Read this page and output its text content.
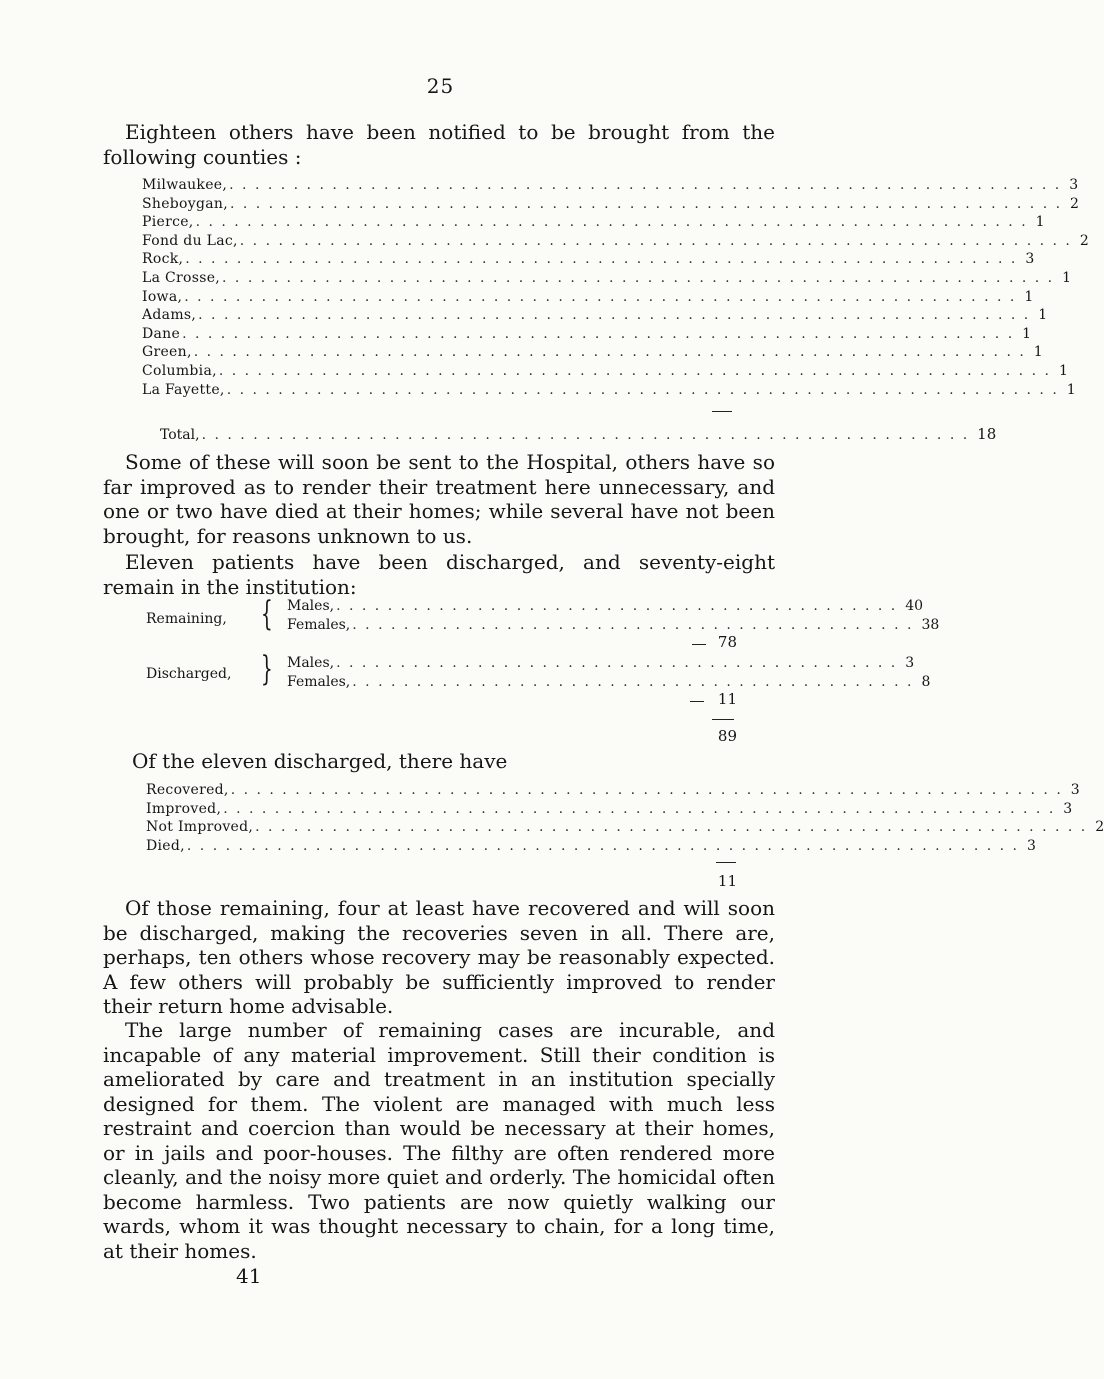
25

Eighteen others have been notified to be brought from the following counties :

Milwaukee, . . . . . . . . . . . . . . . . . . . . . . . . . . . . . . . . . . . . . . . . . . . . . . . . . . . . . . . . . . . . . . . . . 3
Sheboygan, . . . . . . . . . . . . . . . . . . . . . . . . . . . . . . . . . . . . . . . . . . . . . . . . . . . . . . . . . . . . . . . . . 2
Pierce, . . . . . . . . . . . . . . . . . . . . . . . . . . . . . . . . . . . . . . . . . . . . . . . . . . . . . . . . . . . . . . . . . 1
Fond du Lac, . . . . . . . . . . . . . . . . . . . . . . . . . . . . . . . . . . . . . . . . . . . . . . . . . . . . . . . . . . . . . . . . . 2
Rock, . . . . . . . . . . . . . . . . . . . . . . . . . . . . . . . . . . . . . . . . . . . . . . . . . . . . . . . . . . . . . . . . . 3
La Crosse, . . . . . . . . . . . . . . . . . . . . . . . . . . . . . . . . . . . . . . . . . . . . . . . . . . . . . . . . . . . . . . . . . 1
Iowa, . . . . . . . . . . . . . . . . . . . . . . . . . . . . . . . . . . . . . . . . . . . . . . . . . . . . . . . . . . . . . . . . . 1
Adams, . . . . . . . . . . . . . . . . . . . . . . . . . . . . . . . . . . . . . . . . . . . . . . . . . . . . . . . . . . . . . . . . . 1
Dane . . . . . . . . . . . . . . . . . . . . . . . . . . . . . . . . . . . . . . . . . . . . . . . . . . . . . . . . . . . . . . . . . 1
Green, . . . . . . . . . . . . . . . . . . . . . . . . . . . . . . . . . . . . . . . . . . . . . . . . . . . . . . . . . . . . . . . . . 1
Columbia, . . . . . . . . . . . . . . . . . . . . . . . . . . . . . . . . . . . . . . . . . . . . . . . . . . . . . . . . . . . . . . . . . 1
La Fayette, . . . . . . . . . . . . . . . . . . . . . . . . . . . . . . . . . . . . . . . . . . . . . . . . . . . . . . . . . . . . . . . . . 1
Total, . . . . . . . . . . . . . . . . . . . . . . . . . . . . . . . . . . . . . . . . . . . . . . . . . . . . . . . . . . . . 18

Some of these will soon be sent to the Hospital, others have so far improved as to render their treatment here unnecessary, and one or two have died at their homes; while several have not been brought, for reasons unknown to us.

Eleven patients have been discharged, and seventy-eight remain in the institution:

Remaining, { Males, . . . . . . . . . . . . . . . . . . . . . . . . . . . . . . . . . . . . . . . . . . . . 40
Females, . . . . . . . . . . . . . . . . . . . . . . . . . . . . . . . . . . . . . . . . . . . . 38
78
Discharged, } Males, . . . . . . . . . . . . . . . . . . . . . . . . . . . . . . . . . . . . . . . . . . . . 3
Females, . . . . . . . . . . . . . . . . . . . . . . . . . . . . . . . . . . . . . . . . . . . . 8
11
89

Of the eleven discharged, there have

Recovered, . . . . . . . . . . . . . . . . . . . . . . . . . . . . . . . . . . . . . . . . . . . . . . . . . . . . . . . . . . . . . . . . . 3
Improved, . . . . . . . . . . . . . . . . . . . . . . . . . . . . . . . . . . . . . . . . . . . . . . . . . . . . . . . . . . . . . . . . . 3
Not Improved, . . . . . . . . . . . . . . . . . . . . . . . . . . . . . . . . . . . . . . . . . . . . . . . . . . . . . . . . . . . . . . . . . 2
Died, . . . . . . . . . . . . . . . . . . . . . . . . . . . . . . . . . . . . . . . . . . . . . . . . . . . . . . . . . . . . . . . . . 3
11

Of those remaining, four at least have recovered and will soon be discharged, making the recoveries seven in all. There are, perhaps, ten others whose recovery may be reasonably expected. A few others will probably be sufficiently improved to render their return home advisable.

The large number of remaining cases are incurable, and incapable of any material improvement. Still their condition is ameliorated by care and treatment in an institution specially designed for them. The violent are managed with much less restraint and coercion than would be necessary at their homes, or in jails and poor-houses. The filthy are often rendered more cleanly, and the noisy more quiet and orderly. The homicidal often become harmless. Two patients are now quietly walking our wards, whom it was thought necessary to chain, for a long time, at their homes.

41
